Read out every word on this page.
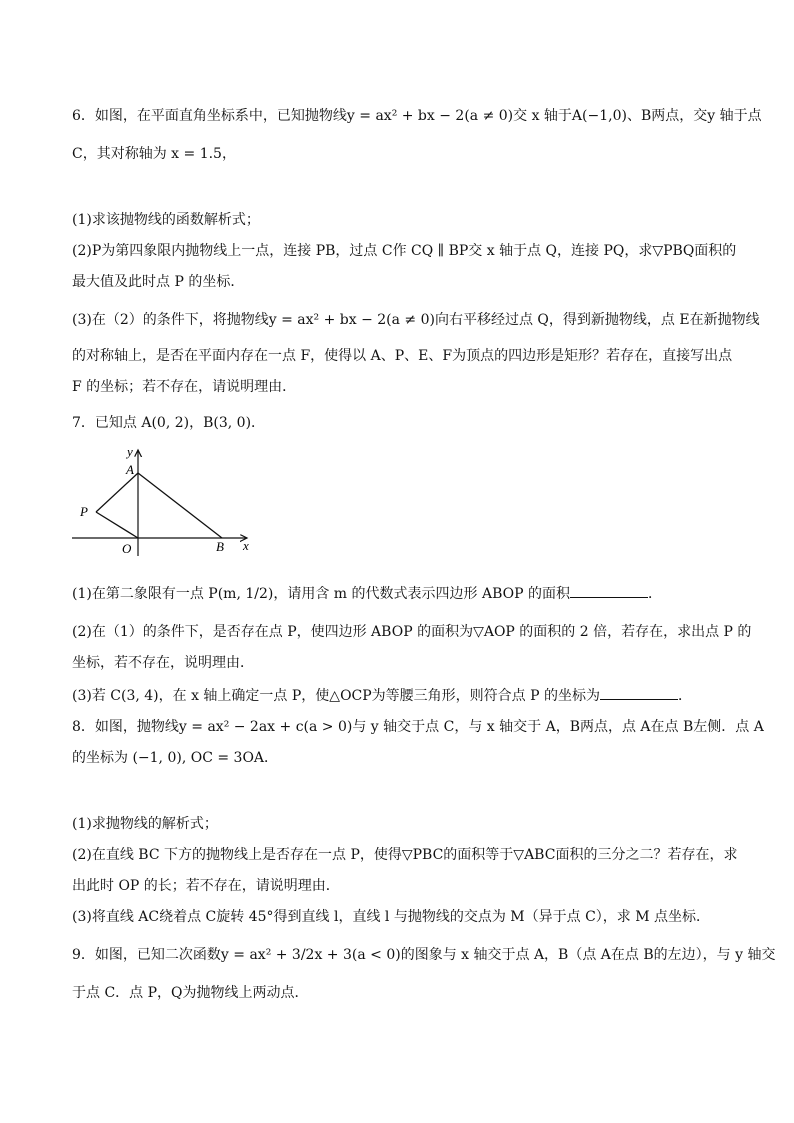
6．如图，在平面直角坐标系中，已知抛物线y = ax² + bx − 2(a ≠ 0)交 x 轴于A(−1,0)、B两点，交y 轴于点
C，其对称轴为 x = 1.5，
(1)求该抛物线的函数解析式；
(2)P为第四象限内抛物线上一点，连接 PB，过点 C作 CQ ∥ BP交 x 轴于点 Q，连接 PQ，求▽PBQ面积的
最大值及此时点 P 的坐标．
(3)在（2）的条件下，将抛物线y = ax² + bx − 2(a ≠ 0)向右平移经过点 Q，得到新抛物线，点 E在新抛物线
的对称轴上，是否在平面内存在一点 F，使得以 A、P、E、F为顶点的四边形是矩形？若存在，直接写出点
F 的坐标；若不存在，请说明理由．
7．已知点 A(0, 2)，B(3, 0)．
y
A
P
O	B x
(1)在第二象限有一点 P(m, 1/2)，请用含 m 的代数式表示四边形 ABOP 的面积	．
(2)在（1）的条件下，是否存在点 P，使四边形 ABOP 的面积为▽AOP 的面积的 2 倍，若存在，求出点 P 的
坐标，若不存在，说明理由．
(3)若 C(3, 4)，在 x 轴上确定一点 P，使△OCP为等腰三角形，则符合点 P 的坐标为	．
8．如图，抛物线y = ax² − 2ax + c(a > 0)与 y 轴交于点 C，与 x 轴交于 A，B两点，点 A在点 B左侧．点 A
的坐标为 (−1, 0), OC = 3OA．
(1)求抛物线的解析式；
(2)在直线 BC 下方的抛物线上是否存在一点 P，使得▽PBC的面积等于▽ABC面积的三分之二？若存在，求
出此时 OP 的长；若不存在，请说明理由．
(3)将直线 AC绕着点 C旋转 45°得到直线 l，直线 l 与抛物线的交点为 M（异于点 C），求 M 点坐标．
9．如图，已知二次函数y = ax² + 3/2x + 3(a < 0)的图象与 x 轴交于点 A，B（点 A在点 B的左边），与 y 轴交
于点 C．点 P，Q为抛物线上两动点．
